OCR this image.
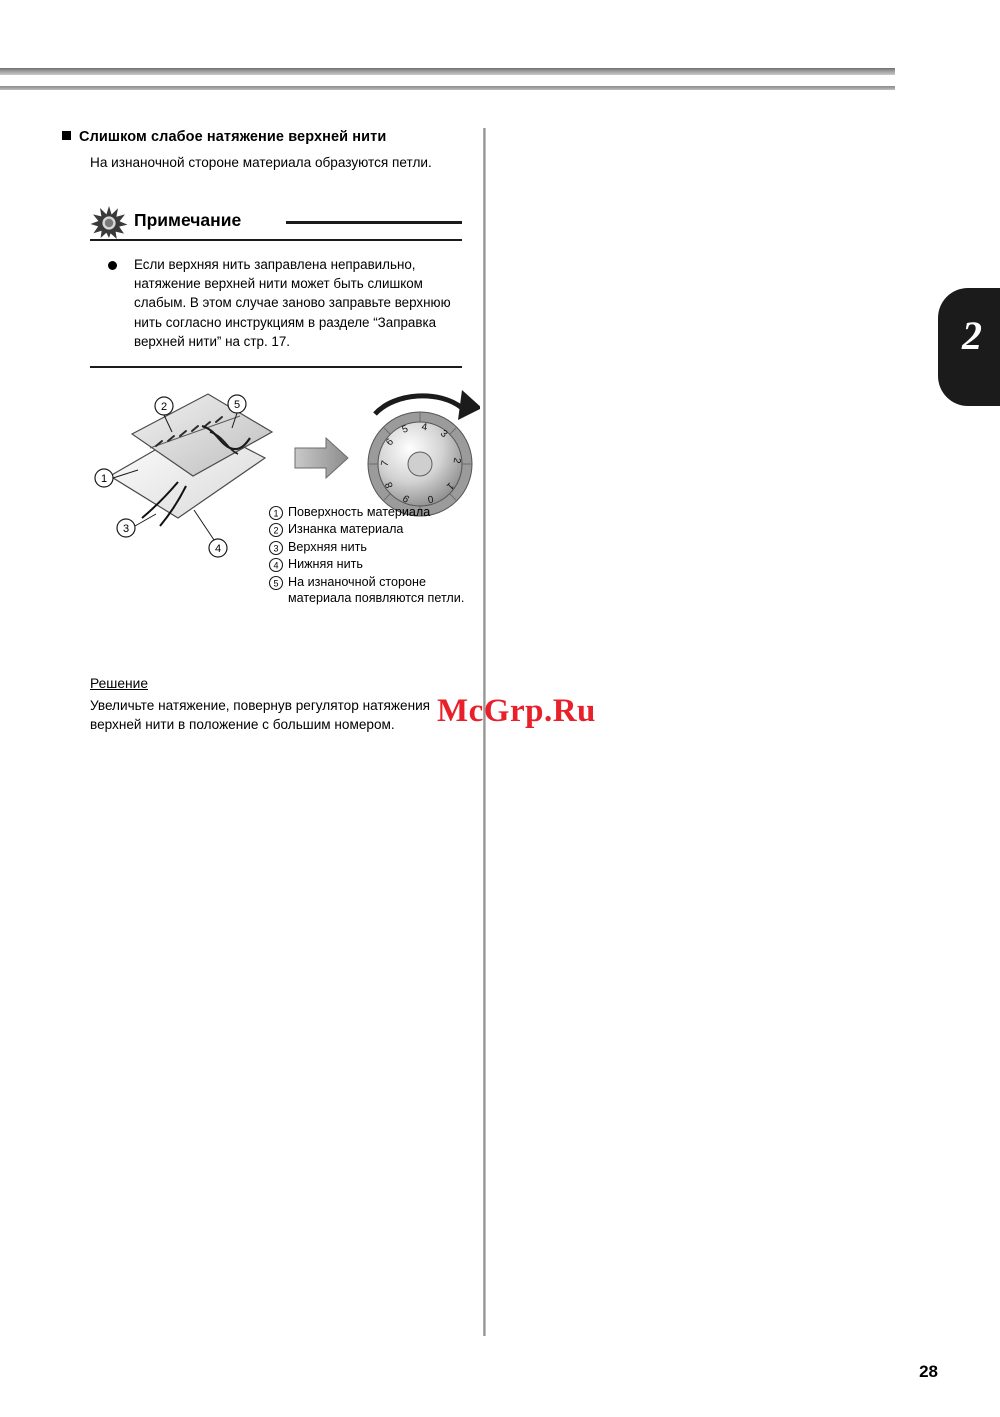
2
Слишком слабое натяжение верхней нити

На изнаночной стороне материала образуются петли.

Примечание
Если верхняя нить заправлена неправильно, натяжение верхней нити может быть слишком слабым. В этом случае заново заправьте верхнюю нить согласно инструкциям в разделе “Заправка верхней нити” на стр. 17.
1
2
3
4
5
3
4
5
6
7
8
9 0
1
2
1 Поверхность материала
2 Изнанка материала
3 Верхняя нить
4 Нижняя нить
5 На изнаночной стороне материала появляются петли.
Решение
Увеличьте натяжение, повернув регулятор натяжения верхней нити в положение с большим номером.	McGrp.Ru
28
